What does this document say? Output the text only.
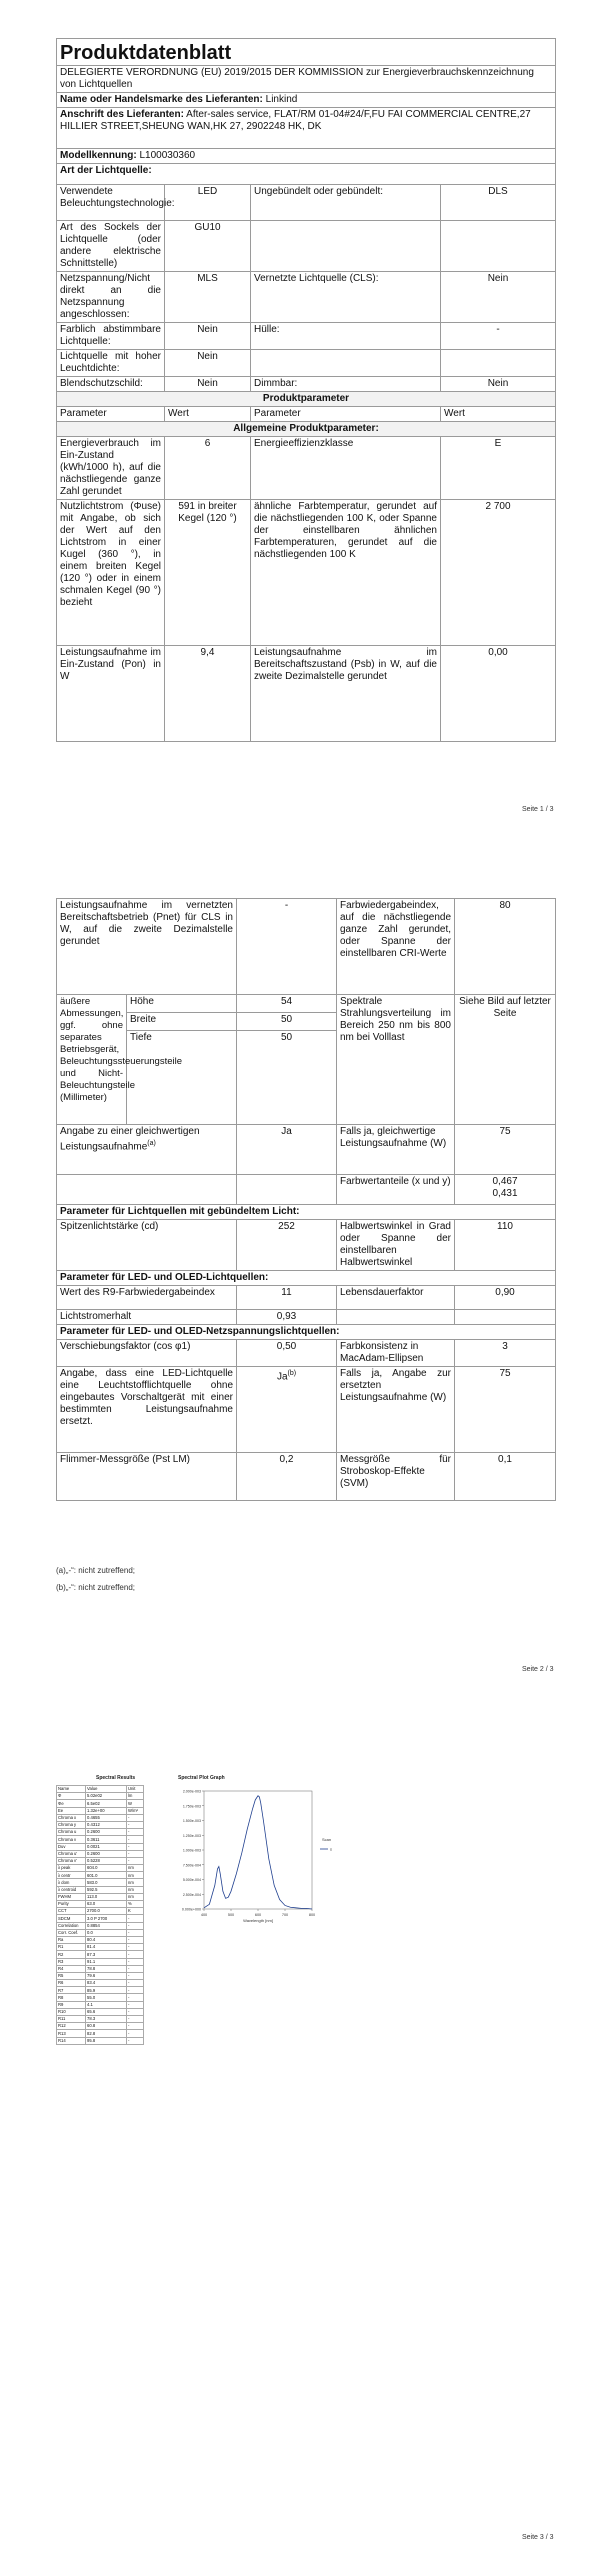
Produktdatenblatt			
DELEGIERTE VERORDNUNG (EU) 2019/2015 DER KOMMISSION zur Energieverbrauchskennzeichnung von Lichtquellen			
Name oder Handelsmarke des Lieferanten: Linkind			
Anschrift des Lieferanten: After-sales service, FLAT/RM 01-04#24/F,FU FAI COMMERCIAL CENTRE,27 HILLIER STREET,SHEUNG WAN,HK 27, 2902248 HK, DK			
Modellkennung: L100030360			
Art der Lichtquelle:			
Verwendete Beleuchtungstechnologie:	LED	Ungebündelt oder gebündelt:	DLS
Art des Sockels der Lichtquelle (oder andere elektrische Schnittstelle)	GU10		
Netzspannung/Nicht direkt an die Netzspannung angeschlossen:	MLS	Vernetzte Lichtquelle (CLS):	Nein
Farblich abstimmbare Lichtquelle:	Nein	Hülle:	-
Lichtquelle mit hoher Leuchtdichte:	Nein		
Blendschutzschild:	Nein	Dimmbar:	Nein
Produktparameter			
Parameter	Wert	Parameter	Wert
Allgemeine Produktparameter:			
Energieverbrauch im Ein-Zustand (kWh/1000 h), auf die nächstliegende ganze Zahl gerundet	6	Energieeffizienzklasse	E
Nutzlichtstrom (Φuse) mit Angabe, ob sich der Wert auf den Lichtstrom in einer Kugel (360 °), in einem breiten Kegel (120 °) oder in einem schmalen Kegel (90 °) bezieht	591 in breiter Kegel (120 °)	ähnliche Farbtemperatur, gerundet auf die nächstliegenden 100 K, oder Spanne der einstellbaren ähnlichen Farbtemperaturen, gerundet auf die nächstliegenden 100 K	2 700
Leistungsaufnahme im Ein-Zustand (Pon) in W	9,4	Leistungsaufnahme im Bereitschaftszustand (Psb) in W, auf die zweite Dezimalstelle gerundet	0,00
Seite 1 / 3
Leistungsaufnahme im vernetzten Bereitschaftsbetrieb (Pnet) für CLS in W, auf die zweite Dezimalstelle gerundet		-	Farbwiedergabeindex, auf die nächstliegende ganze Zahl gerundet, oder Spanne der einstellbaren CRI-Werte	80
äußere Abmessungen, ggf. ohne separates Betriebsgerät, Beleuchtungssteuerungsteile und Nicht-Beleuchtungsteile (Millimeter)	Höhe	54	Spektrale Strahlungsverteilung im Bereich 250 nm bis 800 nm bei Volllast	Siehe Bild auf letzter Seite
	Breite	50		
	Tiefe	50		
Angabe zu einer gleichwertigen Leistungsaufnahme$^{(a)}$		Ja	Falls ja, gleichwertige Leistungsaufnahme (W)	75
			Farbwertanteile (x und y)	0,467
0,431

Parameter für Lichtquellen mit gebündeltem Licht:				
Spitzenlichtstärke (cd)		252	Halbwertswinkel in Grad oder Spanne der einstellbaren Halbwertswinkel	110
Parameter für LED- und OLED-Lichtquellen:				
Wert des R9-Farbwiedergabeindex		11	Lebensdauerfaktor	0,90
Lichtstromerhalt		0,93		
Parameter für LED- und OLED-Netzspannungslichtquellen:				
Verschiebungsfaktor (cos φ1)		0,50	Farbkonsistenz in MacAdam-Ellipsen	3
Angabe, dass eine LED-Lichtquelle eine Leuchtstofflichtquelle ohne eingebautes Vorschaltgerät mit einer bestimmten Leistungsaufnahme ersetzt.		Ja$^{(b)}$	Falls ja, Angabe zur ersetzten Leistungsaufnahme (W)	75
Flimmer-Messgröße (Pst LM)		0,2	Messgröße für Stroboskop-Effekte (SVM)	0,1
(a)„-“: nicht zutreffend;
(b)„-“: nicht zutreffend;
Seite 2 / 3
Spectral Results
Name	Value	Unit
Φ	5.02e02	lm
Φe	6.5e02	W
Ee	1.32e+00	W/m²
Chroma x	0.4655	-
Chroma y	0.4312	-
Chroma u	0.2600	-
Chroma v	0.3611	-
Duv	0.0021	-
Chroma u'	0.2600	-
Chroma v'	0.5228	-
λ peak	604.0	nm
λ centr	601.0	nm
λ dom	583.0	nm
λ centroid	592.5	nm
FWHM	113.0	nm
Purity	63.0	%
CCT	2700.0	K
SDCM	3.0 P 2700	-
Correlation	0.8854	-
Corr. Coef.	0.0	-
Ra	80.4	-
R1	81.4	-
R2	87.3	-
R3	91.1	-
R4	78.8	-
R5	79.6	-
R6	83.4	-
R7	85.9	-
R8	55.0	-
R9	4.1	-
R10	65.6	-
R11	78.3	-
R12	60.8	-
R13	82.8	-
R14	95.8	-
Spectral Plot Graph
0.000e+000
2.500e-004
5.000e-004
7.500e-004
1.000e-003
1.250e-003
1.500e-003
1.750e-003
2.000e-003
400	500	600	700	800
Wavelength [nm]
Scan
s
Seite 3 / 3
